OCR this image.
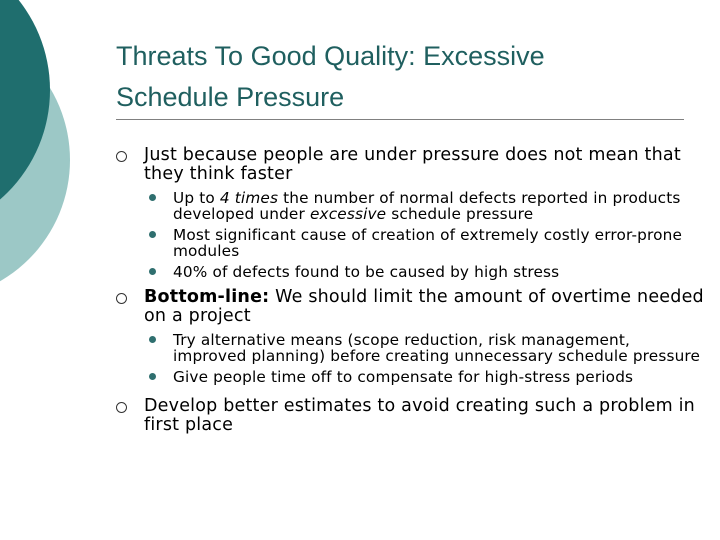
Threats To Good Quality: Excessive
Schedule Pressure
Just because people are under pressure does not mean that they think faster
Up to 4 times the number of normal defects reported in products developed under excessive schedule pressure
Most significant cause of creation of extremely costly error-prone modules
40% of defects found to be caused by high stress
Bottom-line: We should limit the amount of overtime needed on a project
Try alternative means (scope reduction, risk management, improved planning) before creating unnecessary schedule pressure
Give people time off to compensate for high-stress periods
Develop better estimates to avoid creating such a problem in first place
